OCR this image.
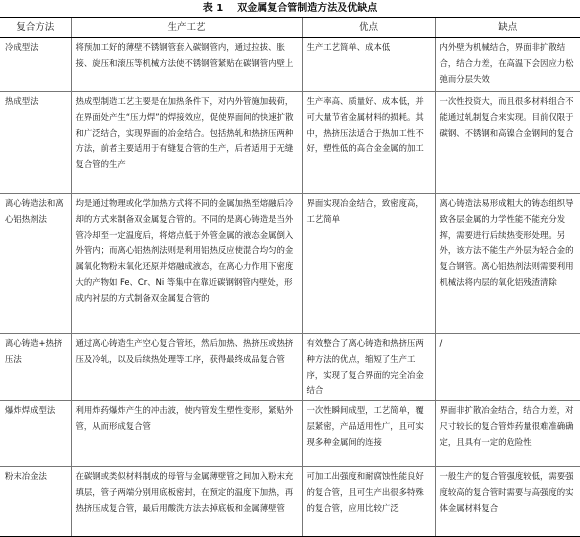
表 1 双金属复合管制造方法及优缺点
复合方法	生产工艺	优点	缺点
冷成型法	将预加工好的薄壁不锈钢管套入碳钢管内，通过拉拔、胀接、旋压和滚压等机械方法使不锈钢管紧贴在碳钢管内壁上	生产工艺简单、成本低	内外壁为机械结合，界面非扩散结合，结合力差，在高温下会因应力松弛而分层失效
热成型法	热成型制造工艺主要是在加热条件下，对内外管施加载荷，在界面处产生“压力焊”的焊接效应，促使界面间的快速扩散和广泛结合，实现界面的冶金结合。包括热轧和热挤压两种方法，前者主要适用于有缝复合管的生产，后者适用于无缝复合管的生产	生产率高、质量好、成本低，并可大量节省金属材料的损耗。其中，热挤压法适合于热加工性不好，塑性低的高合金金属的加工	一次性投资大，而且很多材料组合不能通过轧制复合来实现。目前仅限于碳钢、不锈钢和高镍合金钢间的复合
离心铸造法和离心铝热剂法	均是通过物理或化学加热方式将不同的金属加热至熔融后冷却的方式来制备双金属复合管的。不同的是离心铸造是当外管冷却至一定温度后，将熔点低于外管金属的液态金属倒入外管内；而离心铝热剂法则是利用铝热反应使混合均匀的金属氧化物粉末氧化还原并熔融成液态，在离心力作用下密度大的产物如 Fe、Cr、Ni 等集中在靠近碳钢钢管内壁处，形成内衬层的方式制备双金属复合管的	界面实现冶金结合，致密度高，工艺简单	离心铸造法易形成粗大的铸态组织导致各层金属的力学性能不能充分发挥，需要进行后续热变形处理。另外，该方法不能生产外层为轻合金的复合钢管。离心铝热剂法则需要利用机械法将内层的氧化铝残渣清除
离心铸造+热挤压法	通过离心铸造生产空心复合管坯，然后加热、热挤压或热挤压及冷轧，以及后续热处理等工序，获得最终成品复合管	有效整合了离心铸造和热挤压两种方法的优点，缩短了生产工序，实现了复合界面的完全冶金结合	/
爆炸焊成型法	利用炸药爆炸产生的冲击波，使内管发生塑性变形，紧贴外管，从而形成复合管	一次性瞬间成型，工艺简单，覆层紧密，产品适用性广，且可实现多种金属间的连接	界面非扩散冶金结合，结合力差，对尺寸较长的复合管炸药量很难准确确定，且具有一定的危险性
粉末冶金法	在碳钢或类似材料制成的母管与金属薄壁管之间加入粉末充填层，管子两端分别用底板密封，在预定的温度下加热，再热挤压成复合管，最后用酸洗方法去掉底板和金属薄壁管	可加工出强度和耐腐蚀性能良好的复合管，且可生产出很多特殊的复合管，应用比较广泛	一般生产的复合管强度较低，需要强度较高的复合管时需要与高强度的实体金属材料复合
